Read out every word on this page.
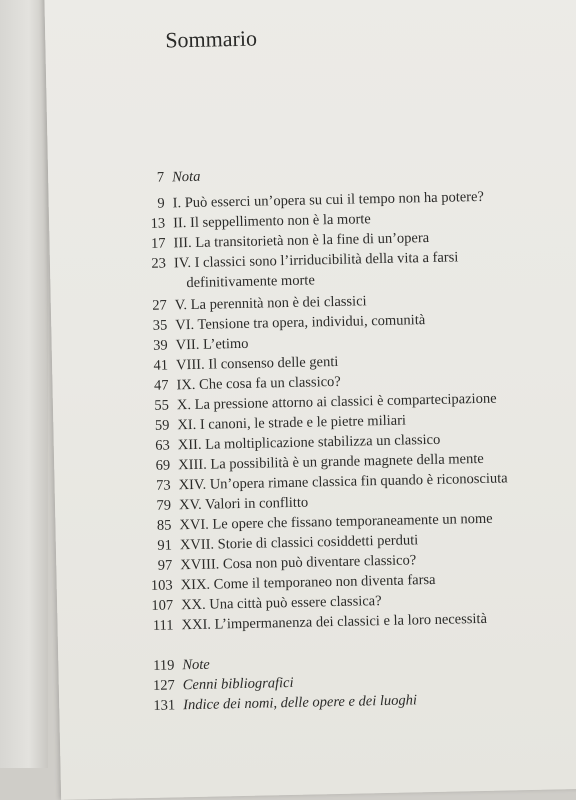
Sommario
7 Nota
9 I. Può esserci un’opera su cui il tempo non ha potere?
13 II. Il seppellimento non è la morte
17 III. La transitorietà non è la fine di un’opera
23 IV. I classici sono l’irriducibilità della vita a farsi
definitivamente morte
27 V. La perennità non è dei classici
35 VI. Tensione tra opera, individui, comunità
39 VII. L’etimo
41 VIII. Il consenso delle genti
47 IX. Che cosa fa un classico?
55 X. La pressione attorno ai classici è compartecipazione
59 XI. I canoni, le strade e le pietre miliari
63 XII. La moltiplicazione stabilizza un classico
69 XIII. La possibilità è un grande magnete della mente
73 XIV. Un’opera rimane classica fin quando è riconosciuta
79 XV. Valori in conflitto
85 XVI. Le opere che fissano temporaneamente un nome
91 XVII. Storie di classici cosiddetti perduti
97 XVIII. Cosa non può diventare classico?
103 XIX. Come il temporaneo non diventa farsa
107 XX. Una città può essere classica?
111 XXI. L’impermanenza dei classici e la loro necessità
119 Note
127 Cenni bibliografici
131 Indice dei nomi, delle opere e dei luoghi
